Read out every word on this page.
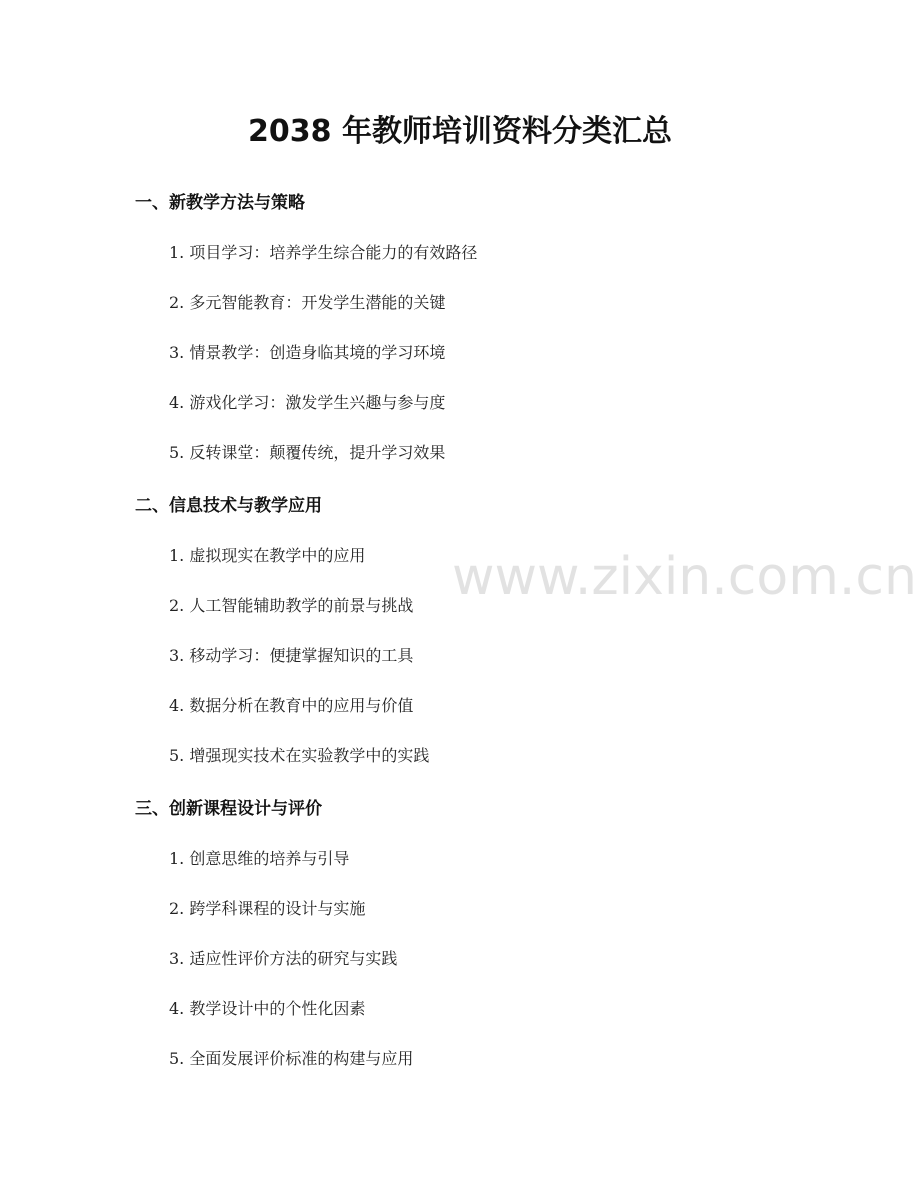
2038 年教师培训资料分类汇总
一、新教学方法与策略
1. 项目学习：培养学生综合能力的有效路径
2. 多元智能教育：开发学生潜能的关键
3. 情景教学：创造身临其境的学习环境
4. 游戏化学习：激发学生兴趣与参与度
5. 反转课堂：颠覆传统，提升学习效果
二、信息技术与教学应用
1. 虚拟现实在教学中的应用
2. 人工智能辅助教学的前景与挑战
3. 移动学习：便捷掌握知识的工具
4. 数据分析在教育中的应用与价值
5. 增强现实技术在实验教学中的实践
三、创新课程设计与评价
1. 创意思维的培养与引导
2. 跨学科课程的设计与实施
3. 适应性评价方法的研究与实践
4. 教学设计中的个性化因素
5. 全面发展评价标准的构建与应用
www.zixin.com.cn
